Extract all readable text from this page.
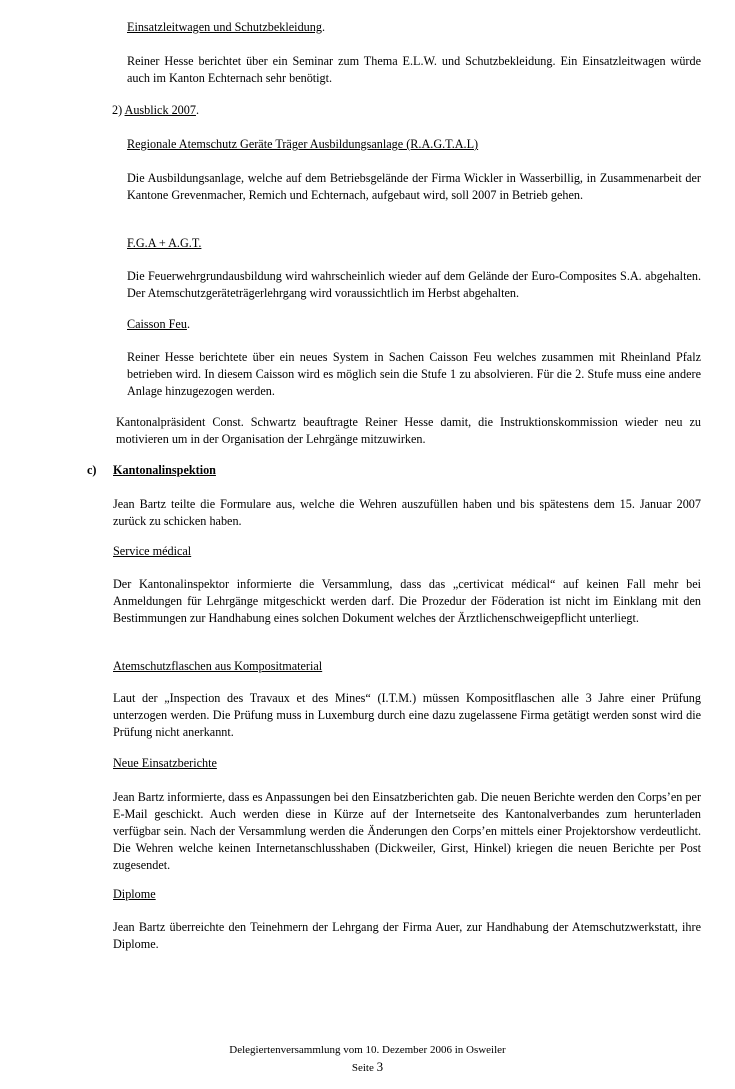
Einsatzleitwagen und Schutzbekleidung.
Reiner Hesse berichtet über ein Seminar zum Thema E.L.W. und Schutzbekleidung. Ein Einsatzleitwagen würde auch im Kanton Echternach sehr benötigt.
2) Ausblick 2007.
Regionale Atemschutz Geräte Träger Ausbildungsanlage (R.A.G.T.A.L)
Die Ausbildungsanlage, welche auf dem Betriebsgelände der Firma Wickler in Wasserbillig, in Zusammenarbeit der Kantone Grevenmacher, Remich und Echternach, aufgebaut wird, soll 2007 in Betrieb gehen.
F.G.A + A.G.T.
Die Feuerwehrgrundausbildung wird wahrscheinlich wieder auf dem Gelände der Euro-Composites S.A. abgehalten. Der Atemschutzgeräteträgerlehrgang wird voraussichtlich im Herbst abgehalten.
Caisson Feu.
Reiner Hesse berichtete über ein neues System in Sachen Caisson Feu welches zusammen mit Rheinland Pfalz betrieben wird. In diesem Caisson wird es möglich sein die Stufe 1 zu absolvieren. Für die 2. Stufe muss eine andere Anlage hinzugezogen werden.
Kantonalpräsident Const. Schwartz beauftragte Reiner Hesse damit, die Instruktionskommission wieder neu zu motivieren um in der Organisation der Lehrgänge mitzuwirken.
c) Kantonalinspektion
Jean Bartz teilte die Formulare aus, welche die Wehren auszufüllen haben und bis spätestens dem 15. Januar 2007 zurück zu schicken haben.
Service médical
Der Kantonalinspektor informierte die Versammlung, dass das „certivicat médical“ auf keinen Fall mehr bei Anmeldungen für Lehrgänge mitgeschickt werden darf. Die Prozedur der Föderation ist nicht im Einklang mit den Bestimmungen zur Handhabung eines solchen Dokument welches der Ärztlichenschweigepflicht unterliegt.
Atemschutzflaschen aus Kompositmaterial
Laut der „Inspection des Travaux et des Mines“ (I.T.M.) müssen Kompositflaschen alle 3 Jahre einer Prüfung unterzogen werden. Die Prüfung muss in Luxemburg durch eine dazu zugelassene Firma getätigt werden sonst wird die Prüfung nicht anerkannt.
Neue Einsatzberichte
Jean Bartz informierte, dass es Anpassungen bei den Einsatzberichten gab. Die neuen Berichte werden den Corps’en per E-Mail geschickt. Auch werden diese in Kürze auf der Internetseite des Kantonalverbandes zum herunterladen verfügbar sein. Nach der Versammlung werden die Änderungen den Corps’en mittels einer Projektorshow verdeutlicht. Die Wehren welche keinen Internetanschlusshaben (Dickweiler, Girst, Hinkel) kriegen die neuen Berichte per Post zugesendet.
Diplome
Jean Bartz überreichte den Teinehmern der Lehrgang der Firma Auer, zur Handhabung der Atemschutzwerkstatt, ihre Diplome.
Delegiertenversammlung vom 10. Dezember 2006 in Osweiler
Seite 3
